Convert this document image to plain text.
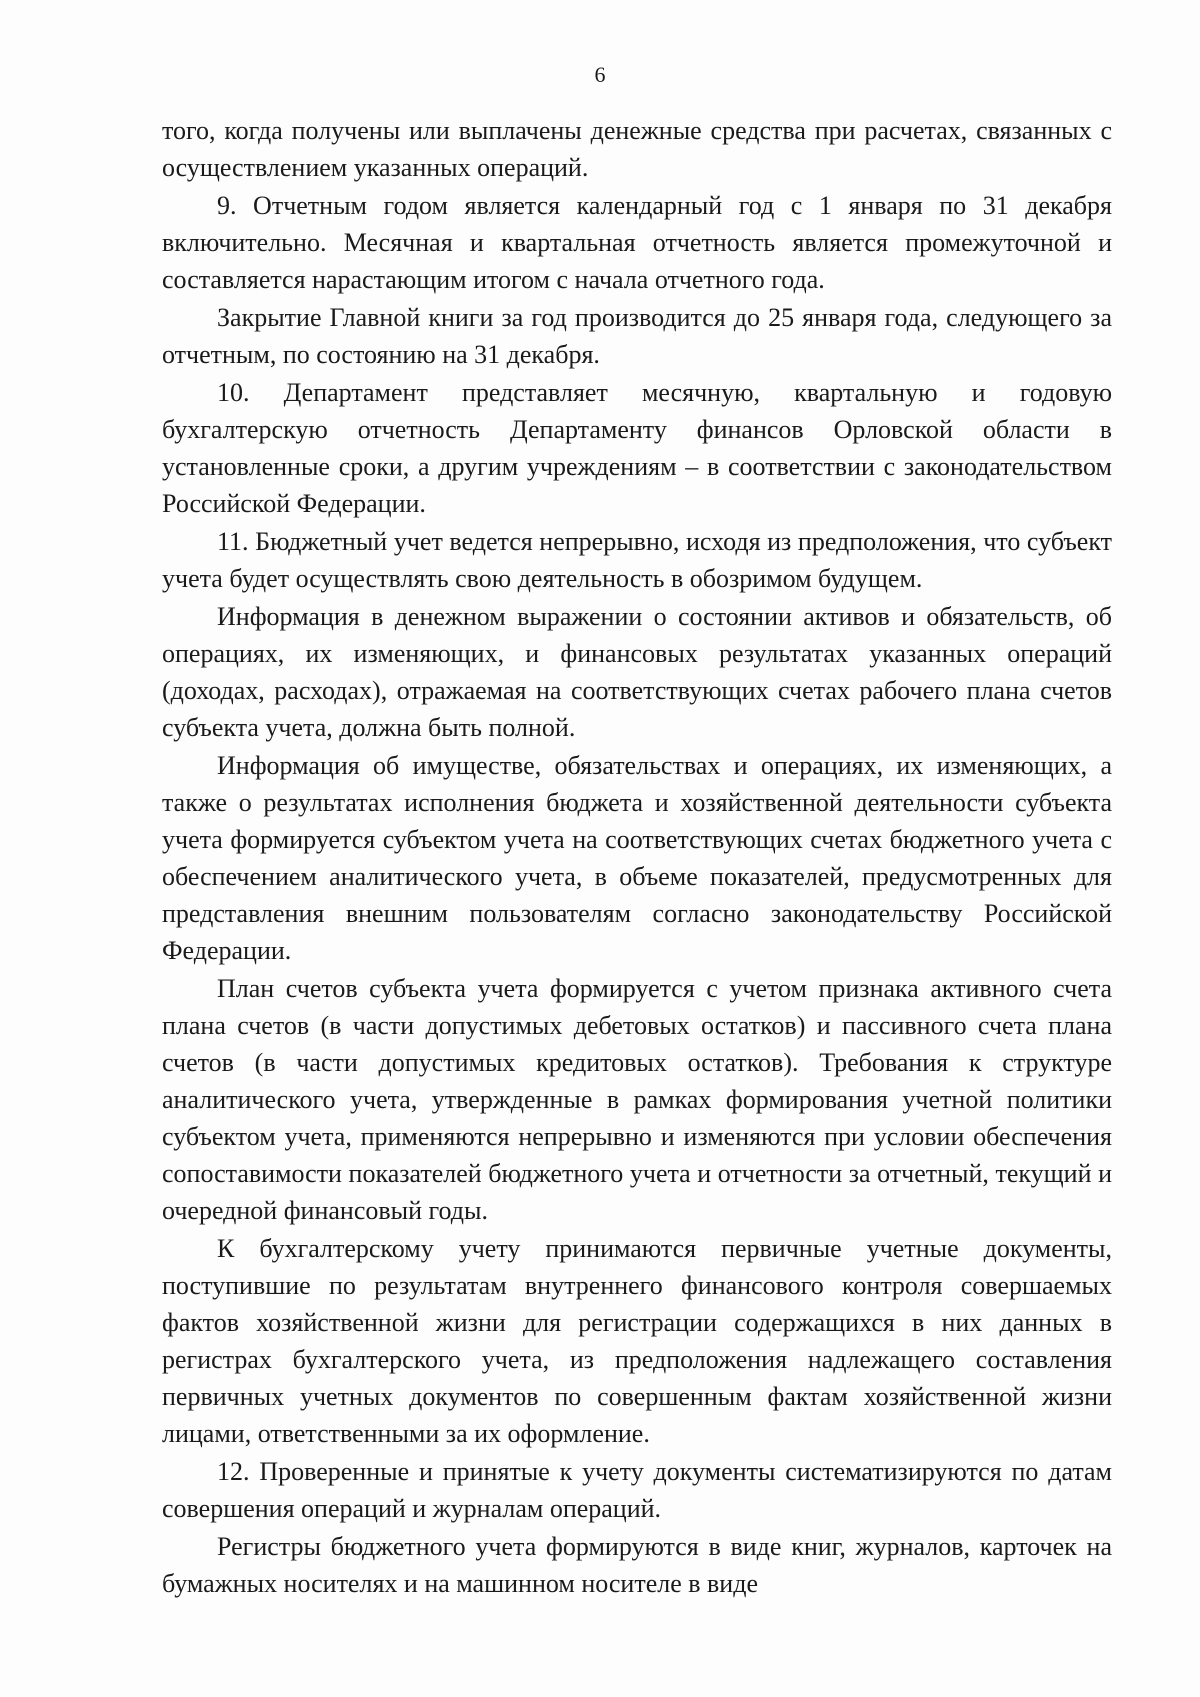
6

того, когда получены или выплачены денежные средства при расчетах, связанных с осуществлением указанных операций.

9. Отчетным годом является календарный год с 1 января по 31 декабря включительно. Месячная и квартальная отчетность является промежуточной и составляется нарастающим итогом с начала отчетного года.

Закрытие Главной книги за год производится до 25 января года, следующего за отчетным, по состоянию на 31 декабря.

10. Департамент представляет месячную, квартальную и годовую бухгалтерскую отчетность Департаменту финансов Орловской области в установленные сроки, а другим учреждениям – в соответствии с законодательством Российской Федерации.

11. Бюджетный учет ведется непрерывно, исходя из предположения, что субъект учета будет осуществлять свою деятельность в обозримом будущем.

Информация в денежном выражении о состоянии активов и обязательств, об операциях, их изменяющих, и финансовых результатах указанных операций (доходах, расходах), отражаемая на соответствующих счетах рабочего плана счетов субъекта учета, должна быть полной.

Информация об имуществе, обязательствах и операциях, их изменяющих, а также о результатах исполнения бюджета и хозяйственной деятельности субъекта учета формируется субъектом учета на соответствующих счетах бюджетного учета с обеспечением аналитического учета, в объеме показателей, предусмотренных для представления внешним пользователям согласно законодательству Российской Федерации.

План счетов субъекта учета формируется с учетом признака активного счета плана счетов (в части допустимых дебетовых остатков) и пассивного счета плана счетов (в части допустимых кредитовых остатков). Требования к структуре аналитического учета, утвержденные в рамках формирования учетной политики субъектом учета, применяются непрерывно и изменяются при условии обеспечения сопоставимости показателей бюджетного учета и отчетности за отчетный, текущий и очередной финансовый годы.

К бухгалтерскому учету принимаются первичные учетные документы, поступившие по результатам внутреннего финансового контроля совершаемых фактов хозяйственной жизни для регистрации содержащихся в них данных в регистрах бухгалтерского учета, из предположения надлежащего составления первичных учетных документов по совершенным фактам хозяйственной жизни лицами, ответственными за их оформление.

12. Проверенные и принятые к учету документы систематизируются по датам совершения операций и журналам операций.

Регистры бюджетного учета формируются в виде книг, журналов, карточек на бумажных носителях и на машинном носителе в виде
